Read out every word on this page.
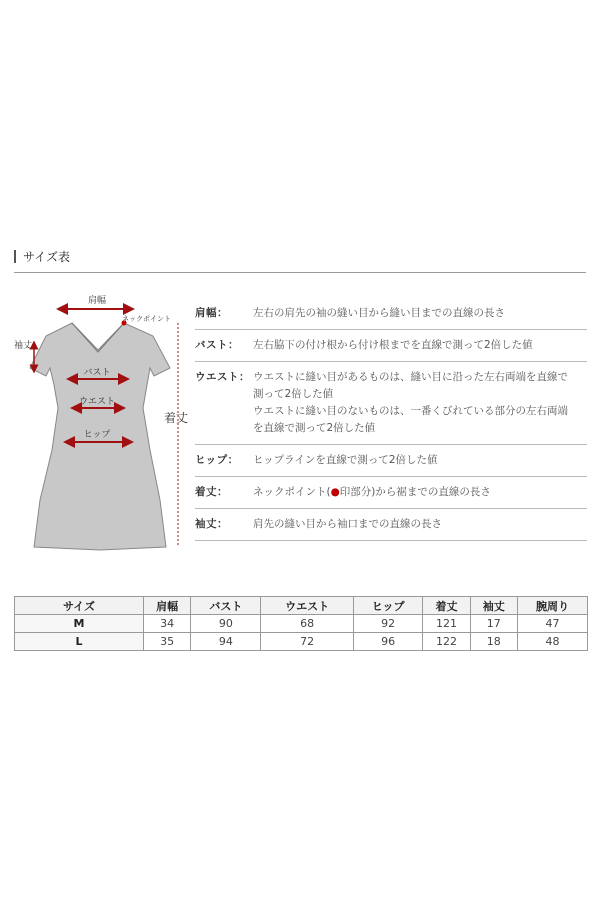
サイズ表
肩幅
ネックポイント
袖丈
バスト
ウエスト
ヒップ
着丈
肩幅：	左右の肩先の袖の縫い目から縫い目までの直線の長さ
バスト：	左右脇下の付け根から付け根までを直線で測って2倍した値
ウエスト： ウエストに縫い目があるものは、縫い目に沿った左右両端を直線で
測って2倍した値
ウエストに縫い目のないものは、一番くびれている部分の左右両端
を直線で測って2倍した値
ヒップ：	ヒップラインを直線で測って2倍した値
着丈：	ネックポイント(●印部分)から裾までの直線の長さ
袖丈：	肩先の縫い目から袖口までの直線の長さ
サイズ	肩幅	バスト	ウエスト	ヒップ	着丈	袖丈	腕周り
M	34	90	68	92	121	17	47
L	35	94	72	96	122	18	48
